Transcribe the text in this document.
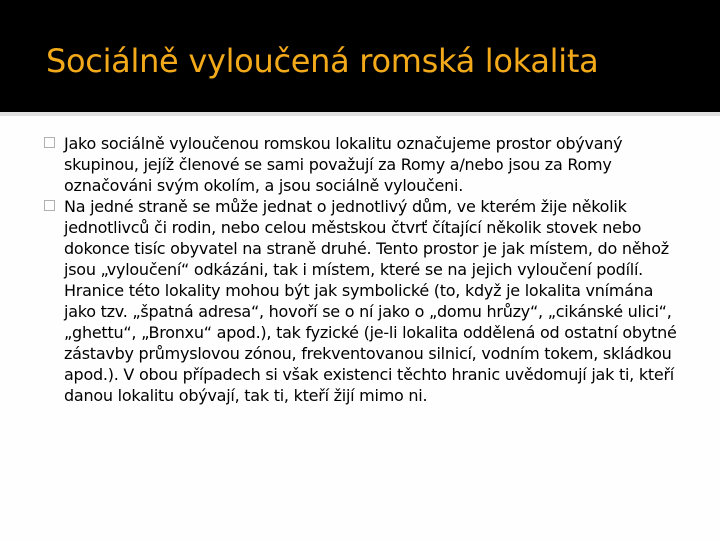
Sociálně vyloučená romská lokalita

Jako sociálně vyloučenou romskou lokalitu označujeme prostor obývaný skupinou, jejíž členové se sami považují za Romy a/nebo jsou za Romy označováni svým okolím, a jsou sociálně vyloučeni.

Na jedné straně se může jednat o jednotlivý dům, ve kterém žije několik jednotlivců či rodin, nebo celou městskou čtvrť čítající několik stovek nebo dokonce tisíc obyvatel na straně druhé. Tento prostor je jak místem, do něhož jsou „vyloučení“ odkázáni, tak i místem, které se na jejich vyloučení podílí. Hranice této lokality mohou být jak symbolické (to, když je lokalita vnímána jako tzv. „špatná adresa“, hovoří se o ní jako o „domu hrůzy“, „cikánské ulici“, „ghettu“, „Bronxu“ apod.), tak fyzické (je-li lokalita oddělená od ostatní obytné zástavby průmyslovou zónou, frekventovanou silnicí, vodním tokem, skládkou apod.). V obou případech si však existenci těchto hranic uvědomují jak ti, kteří danou lokalitu obývají, tak ti, kteří žijí mimo ni.
